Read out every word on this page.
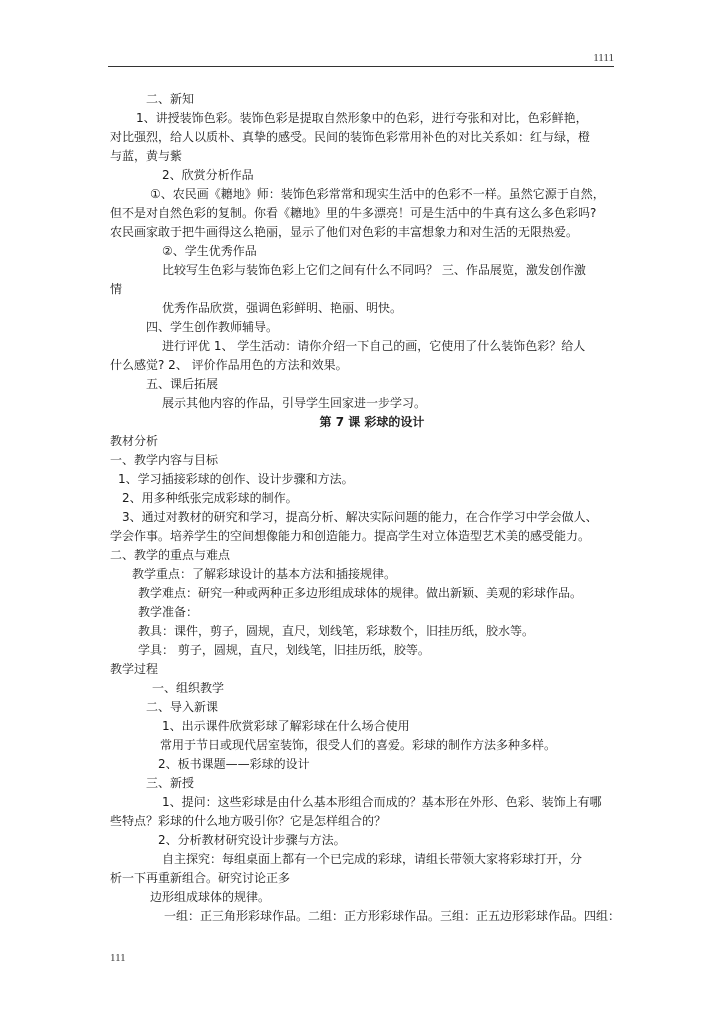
1111
二、新知
1、讲授装饰色彩。装饰色彩是提取自然形象中的色彩，进行夸张和对比，色彩鲜艳，
对比强烈，给人以质朴、真挚的感受。民间的装饰色彩常用补色的对比关系如：红与绿，橙
与蓝，黄与紫
2、欣赏分析作品
①、农民画《耱地》师：装饰色彩常常和现实生活中的色彩不一样。虽然它源于自然，
但不是对自然色彩的复制。你看《耱地》里的牛多漂亮！可是生活中的牛真有这么多色彩吗?
农民画家敢于把牛画得这么艳丽，显示了他们对色彩的丰富想象力和对生活的无限热爱。
②、学生优秀作品
比较写生色彩与装饰色彩上它们之间有什么不同吗？ 三、作品展览，激发创作激
情
优秀作品欣赏，强调色彩鲜明、艳丽、明快。
四、学生创作教师辅导。
进行评优 1、 学生活动：请你介绍一下自己的画，它使用了什么装饰色彩？给人
什么感觉? 2、 评价作品用色的方法和效果。
五、课后拓展
展示其他内容的作品，引导学生回家进一步学习。
第 7 课 彩球的设计
教材分析
一、教学内容与目标
1、学习插接彩球的创作、设计步骤和方法。
2、用多种纸张完成彩球的制作。
3、通过对教材的研究和学习，提高分析、解决实际问题的能力，在合作学习中学会做人、
学会作事。培养学生的空间想像能力和创造能力。提高学生对立体造型艺术美的感受能力。
二、教学的重点与难点
教学重点：了解彩球设计的基本方法和插接规律。
教学难点：研究一种或两种正多边形组成球体的规律。做出新颖、美观的彩球作品。
教学准备：
教具：课件，剪子，圆规，直尺，划线笔，彩球数个，旧挂历纸，胶水等。
学具： 剪子，圆规，直尺，划线笔，旧挂历纸，胶等。
教学过程
一、组织教学
二、导入新课
1、出示课件欣赏彩球了解彩球在什么场合使用
常用于节日或现代居室装饰，很受人们的喜爱。彩球的制作方法多种多样。
2、板书课题——彩球的设计
三、新授
1、提问：这些彩球是由什么基本形组合而成的？基本形在外形、色彩、装饰上有哪
些特点？彩球的什么地方吸引你？它是怎样组合的？
2、分析教材研究设计步骤与方法。
自主探究：每组桌面上都有一个已完成的彩球，请组长带领大家将彩球打开，分
析一下再重新组合。研究讨论正多
边形组成球体的规律。
一组：正三角形彩球作品。二组：正方形彩球作品。三组：正五边形彩球作品。四组：
111
